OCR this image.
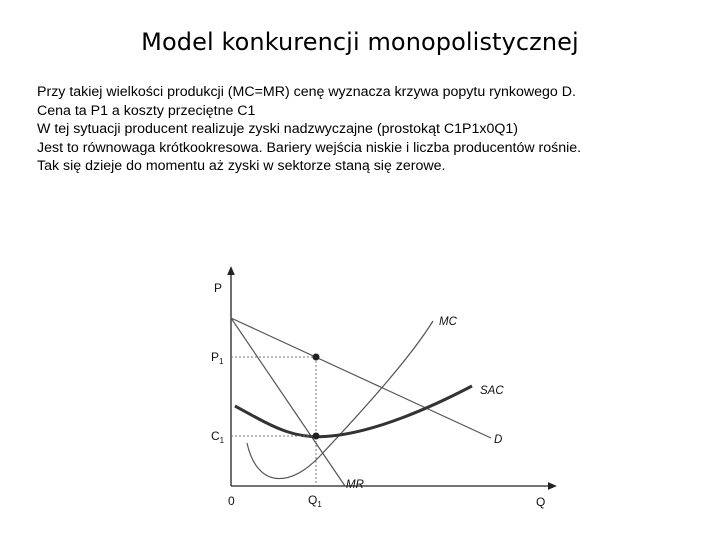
Model konkurencji monopolistycznej
Przy takiej wielkości produkcji (MC=MR) cenę wyznacza krzywa popytu rynkowego D.
Cena ta P1 a koszty przeciętne C1
W tej sytuacji producent realizuje zyski nadzwyczajne (prostokąt C1P1x0Q1)
Jest to równowaga krótkookresowa. Bariery wejścia niskie i liczba producentów rośnie.
Tak się dzieje do momentu aż zyski w sektorze staną się zerowe.
P
Q
0
$P_1$
$C_1$
$Q_1$
MC
SAC
D
MR
